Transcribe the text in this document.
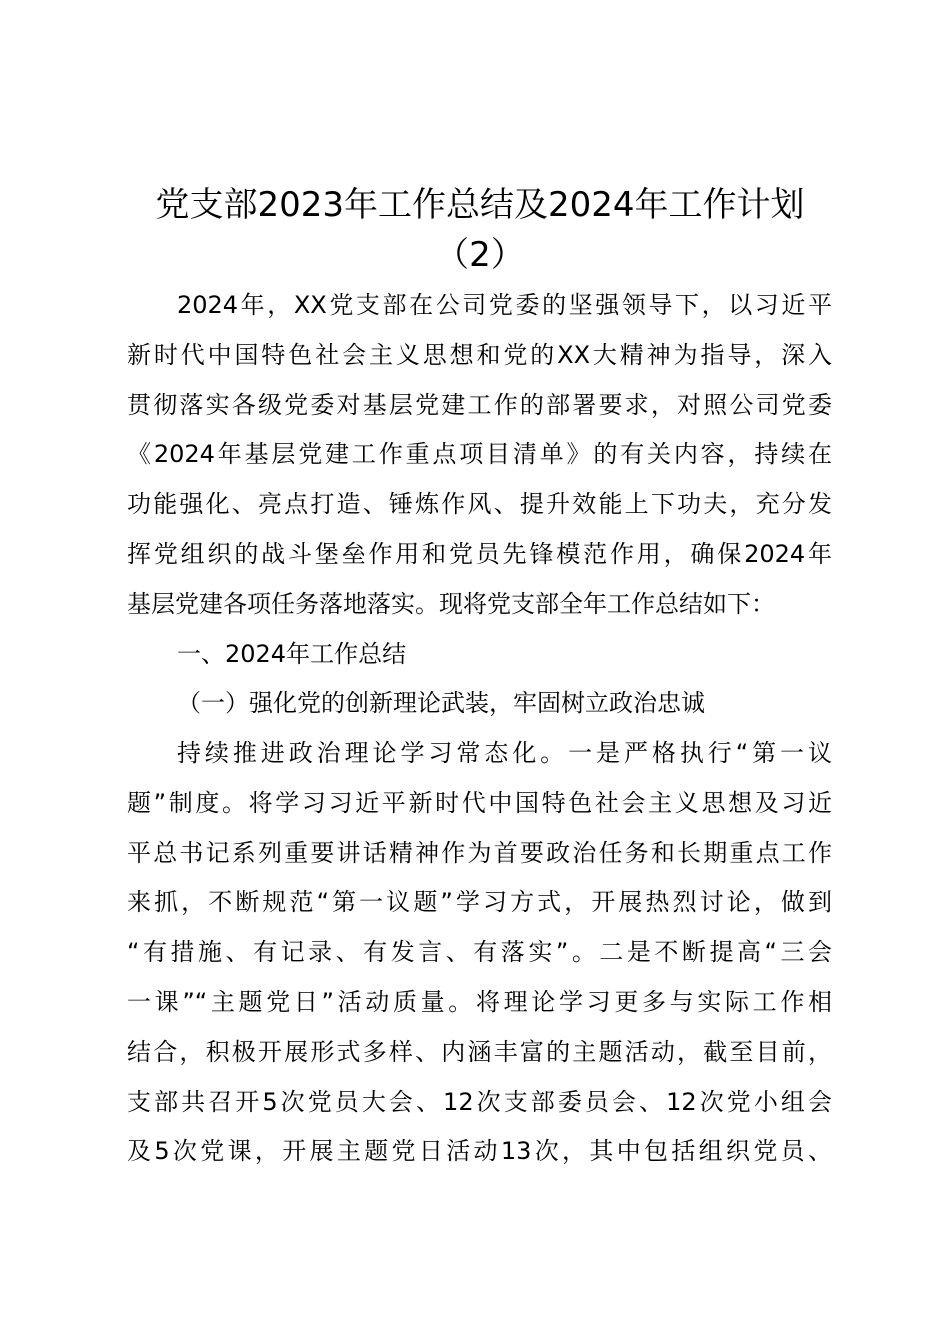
党支部2023年工作总结及2024年工作计划
（2）
2024年，XX党支部在公司党委的坚强领导下，以习近平
新时代中国特色社会主义思想和党的XX大精神为指导，深入
贯彻落实各级党委对基层党建工作的部署要求，对照公司党委
《2024年基层党建工作重点项目清单》的有关内容，持续在
功能强化、亮点打造、锤炼作风、提升效能上下功夫，充分发
挥党组织的战斗堡垒作用和党员先锋模范作用，确保2024年
基层党建各项任务落地落实。现将党支部全年工作总结如下：
一、2024年工作总结
（一）强化党的创新理论武装，牢固树立政治忠诚
持续推进政治理论学习常态化。一是严格执行“第一议
题”制度。将学习习近平新时代中国特色社会主义思想及习近
平总书记系列重要讲话精神作为首要政治任务和长期重点工作
来抓，不断规范“第一议题”学习方式，开展热烈讨论，做到
“有措施、有记录、有发言、有落实”。二是不断提高“三会
一课”“主题党日”活动质量。将理论学习更多与实际工作相
结合，积极开展形式多样、内涵丰富的主题活动，截至目前，
支部共召开5次党员大会、12次支部委员会、12次党小组会
及5次党课，开展主题党日活动13次，其中包括组织党员、
